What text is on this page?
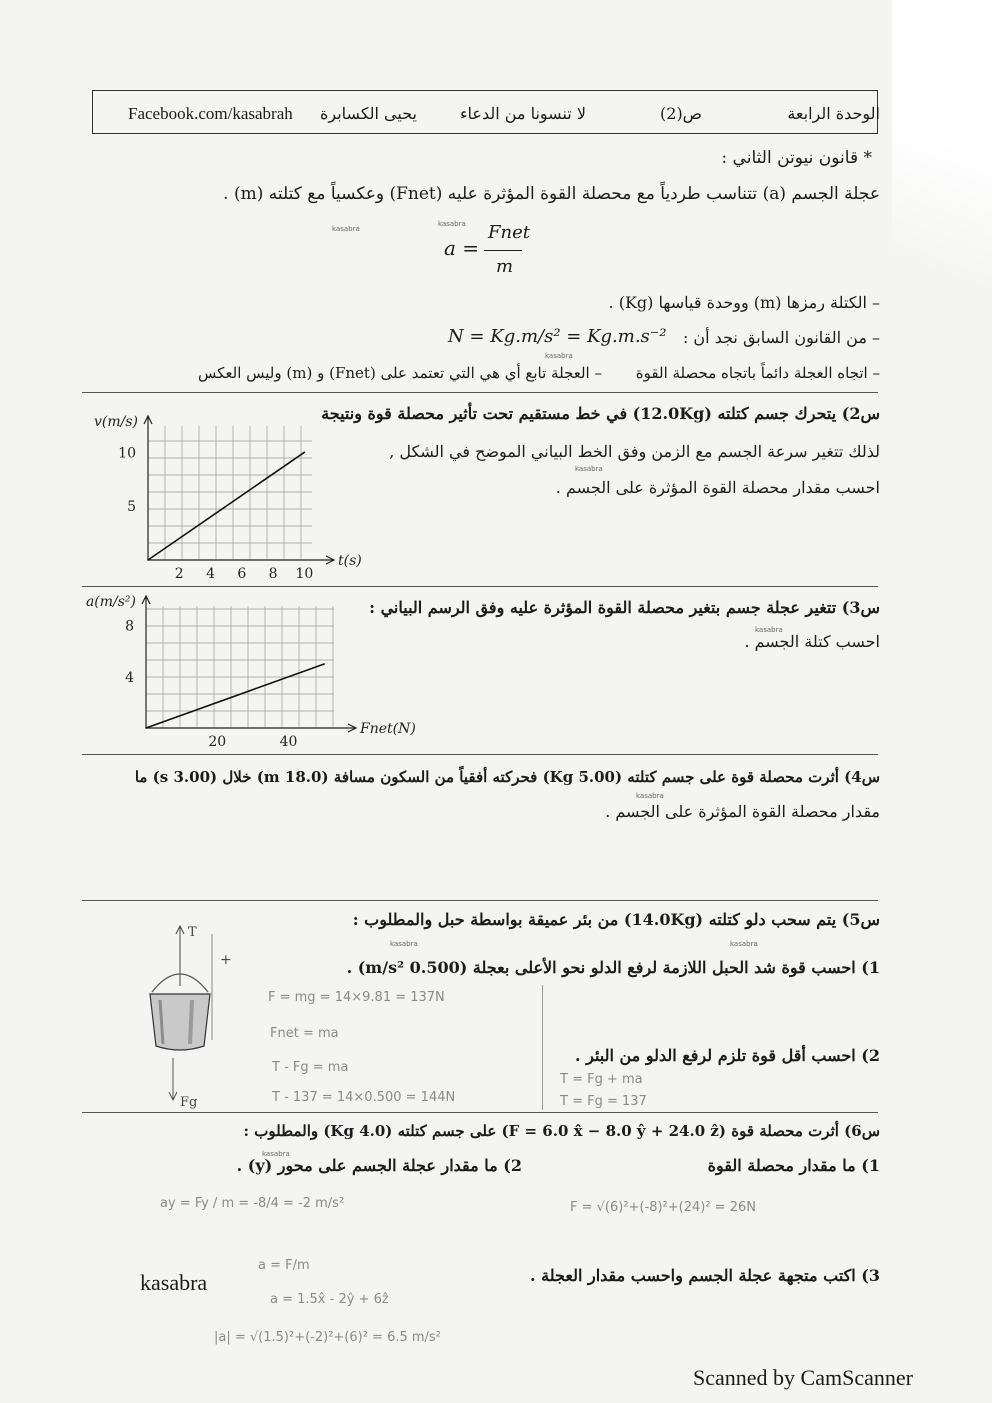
الوحدة الرابعة
ص(2)
لا تنسونا من الدعاء
يحيى الكسابرة
Facebook.com/kasabrah
* قانون نيوتن الثاني :
عجلة الجسم (a) تتناسب طردياً مع محصلة القوة المؤثرة عليه (Fnet) وعكسياً مع كتلته (m) .
a =
Fnet
m
– الكتلة رمزها (m) ووحدة قياسها (Kg) .
– من القانون السابق نجد أن :
N = Kg.m/s² = Kg.m.s⁻²
– اتجاه العجلة دائماً باتجاه محصلة القوة
– العجلة تابع أي هي التي تعتمد على (Fnet) و (m) وليس العكس
س2) يتحرك جسم كتلته (12.0Kg) في خط مستقيم تحت تأثير محصلة قوة ونتيجة
لذلك تتغير سرعة الجسم مع الزمن وفق الخط البياني الموضح في الشكل ,
احسب مقدار محصلة القوة المؤثرة على الجسم .
2 4 6 8 10
5
10
v(m/s)
t(s)
س3) تتغير عجلة جسم بتغير محصلة القوة المؤثرة عليه وفق الرسم البياني :
احسب كتلة الجسم .
20	40
4
8
a(m/s²)
Fnet(N)
س4) أثرت محصلة قوة على جسم كتلته (5.00 Kg) فحركته أفقياً من السكون مسافة (18.0 m) خلال (3.00 s) ما
مقدار محصلة القوة المؤثرة على الجسم .
س5) يتم سحب دلو كتلته (14.0Kg) من بئر عميقة بواسطة حبل والمطلوب :
1) احسب قوة شد الحبل اللازمة لرفع الدلو نحو الأعلى بعجلة (0.500 m/s²) .
2) احسب أقل قوة تلزم لرفع الدلو من البئر .
T
Fg
+
F = mg = 14×9.81 = 137N
Fnet = ma
T - Fg = ma
T - 137 = 14×0.500 = 144N
T = Fg + ma
T = Fg = 137
س6) أثرت محصلة قوة (F = 6.0 x̂ − 8.0 ŷ + 24.0 ẑ) على جسم كتلته (4.0 Kg) والمطلوب :
1) ما مقدار محصلة القوة
2) ما مقدار عجلة الجسم على محور (y) .
3) اكتب متجهة عجلة الجسم واحسب مقدار العجلة .
ay = Fy / m = -8/4 = -2 m/s²	F = √(6)²+(-8)²+(24)² = 26N
a = F/m
a = 1.5x̂ - 2ŷ + 6ẑ
|a| = √(1.5)²+(-2)²+(6)² = 6.5 m/s²
kasabra
Scanned by CamScanner
kasabra
kasabra
kasabra
kasabra
kasabra
kasabra
kasabra	kasabra
kasabra
